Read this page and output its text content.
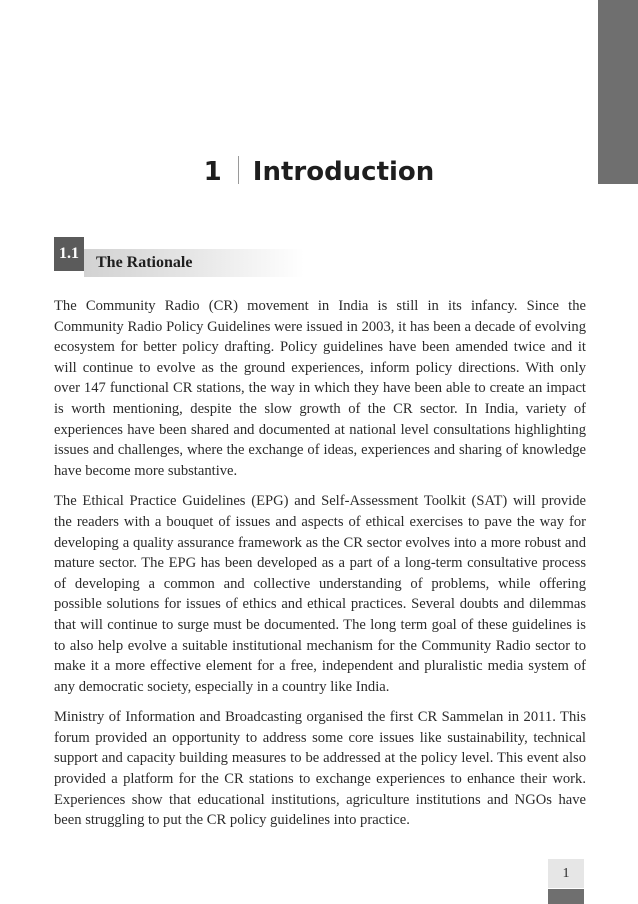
1 Introduction
1.1
The Rationale

The Community Radio (CR) movement in India is still in its infancy. Since the Community Radio Policy Guidelines were issued in 2003, it has been a decade of evolving ecosystem for better policy drafting. Policy guidelines have been amended twice and it will continue to evolve as the ground experiences, inform policy directions. With only over 147 functional CR stations, the way in which they have been able to create an impact is worth mentioning, despite the slow growth of the CR sector. In India, variety of experiences have been shared and documented at national level consultations highlighting issues and challenges, where the exchange of ideas, experiences and sharing of knowledge have become more substantive.

The Ethical Practice Guidelines (EPG) and Self-Assessment Toolkit (SAT) will provide the readers with a bouquet of issues and aspects of ethical exercises to pave the way for developing a quality assurance framework as the CR sector evolves into a more robust and mature sector. The EPG has been developed as a part of a long-term consultative process of developing a common and collective understanding of problems, while offering possible solutions for issues of ethics and ethical practices. Several doubts and dilemmas that will continue to surge must be documented. The long term goal of these guidelines is to also help evolve a suitable institutional mechanism for the Community Radio sector to make it a more effective element for a free, independent and pluralistic media system of any democratic society, especially in a country like India.

Ministry of Information and Broadcasting organised the first CR Sammelan in 2011. This forum provided an opportunity to address some core issues like sustainability, technical support and capacity building measures to be addressed at the policy level. This event also provided a platform for the CR stations to exchange experiences to enhance their work. Experiences show that educational institutions, agriculture institutions and NGOs have been struggling to put the CR policy guidelines into practice.

1
